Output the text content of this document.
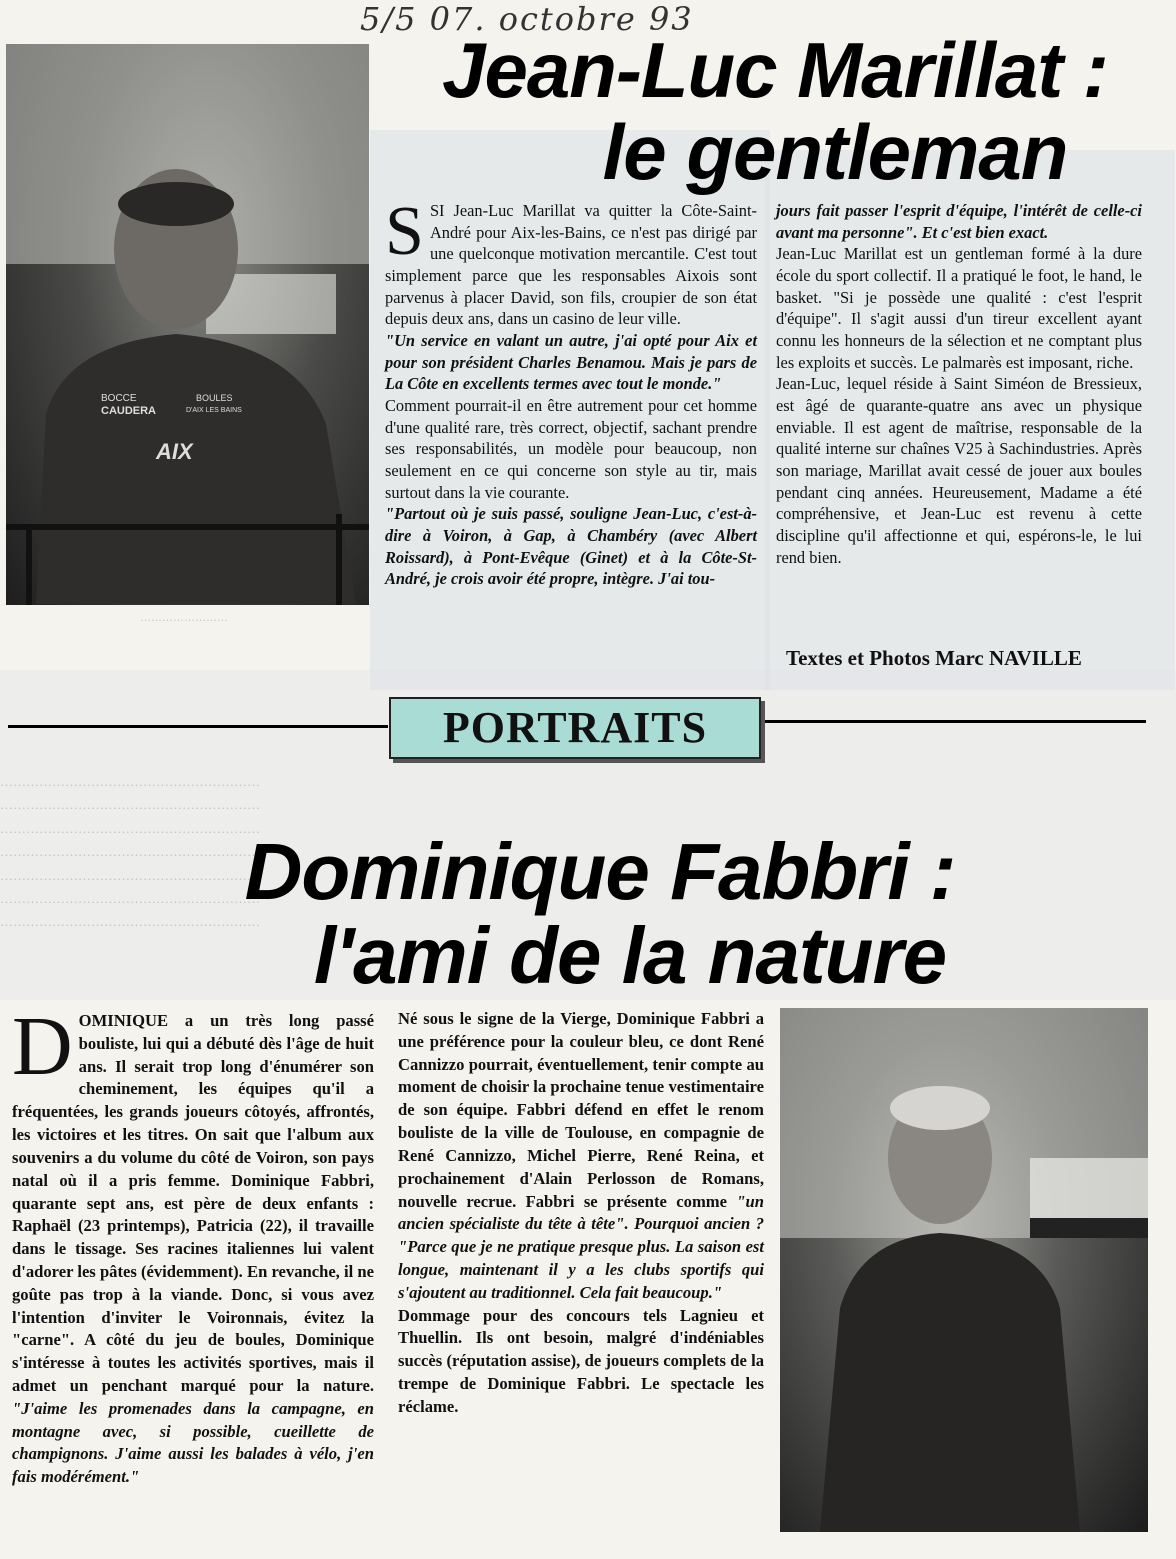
5/5 07. octobre 93
BOCCE
CAUDERA
BOULES
D'AIX LES BAINS
AIX
Jean-Luc Marillat :
le gentleman

SSI Jean-Luc Marillat va quitter la Côte-Saint-André pour Aix-les-Bains, ce n'est pas dirigé par une quelconque motivation mercantile. C'est tout simplement parce que les responsables Aixois sont parvenus à placer David, son fils, croupier de son état depuis deux ans, dans un casino de leur ville.

"Un service en valant un autre, j'ai opté pour Aix et pour son président Charles Benamou. Mais je pars de La Côte en excellents termes avec tout le monde."

Comment pourrait-il en être autrement pour cet homme d'une qualité rare, très correct, objectif, sachant prendre ses responsabilités, un modèle pour beaucoup, non seulement en ce qui concerne son style au tir, mais surtout dans la vie courante.

"Partout où je suis passé, souligne Jean-Luc, c'est-à-dire à Voiron, à Gap, à Chambéry (avec Albert Roissard), à Pont-Evêque (Ginet) et à la Côte-St-André, je crois avoir été propre, intègre. J'ai tou-

jours fait passer l'esprit d'équipe, l'intérêt de celle-ci avant ma personne". Et c'est bien exact.

Jean-Luc Marillat est un gentleman formé à la dure école du sport collectif. Il a pratiqué le foot, le hand, le basket. "Si je possède une qualité : c'est l'esprit d'équipe". Il s'agit aussi d'un tireur excellent ayant connu les honneurs de la sélection et ne comptant plus les exploits et succès. Le palmarès est imposant, riche.

Jean-Luc, lequel réside à Saint Siméon de Bressieux, est âgé de quarante-quatre ans avec un physique enviable. Il est agent de maîtrise, responsable de la qualité interne sur chaînes V25 à Sachindustries. Après son mariage, Marillat avait cessé de jouer aux boules pendant cinq années. Heureusement, Madame a été compréhensive, et Jean-Luc est revenu à cette discipline qu'il affectionne et qui, espérons-le, le lui rend bien.

Textes et Photos Marc NAVILLE
……………………………………………………
……………………………………………………
……………………………………………………
……………………………………………………
……………………………………………………
……………………………………………………
……………………………………………………
PORTRAITS
Dominique Fabbri :
l'ami de la nature

DOMINIQUE a un très long passé bouliste, lui qui a débuté dès l'âge de huit ans. Il serait trop long d'énumérer son cheminement, les équipes qu'il a fréquentées, les grands joueurs côtoyés, affrontés, les victoires et les titres. On sait que l'album aux souvenirs a du volume du côté de Voiron, son pays natal où il a pris femme. Dominique Fabbri, quarante sept ans, est père de deux enfants : Raphaël (23 printemps), Patricia (22), il travaille dans le tissage. Ses racines italiennes lui valent d'adorer les pâtes (évidemment). En revanche, il ne goûte pas trop à la viande. Donc, si vous avez l'intention d'inviter le Voironnais, évitez la "carne". A côté du jeu de boules, Dominique s'intéresse à toutes les activités sportives, mais il admet un penchant marqué pour la nature. "J'aime les promenades dans la campagne, en montagne avec, si possible, cueillette de champignons. J'aime aussi les balades à vélo, j'en fais modérément."

Né sous le signe de la Vierge, Dominique Fabbri a une préférence pour la couleur bleu, ce dont René Cannizzo pourrait, éventuellement, tenir compte au moment de choisir la prochaine tenue vestimentaire de son équipe. Fabbri défend en effet le renom bouliste de la ville de Toulouse, en compagnie de René Cannizzo, Michel Pierre, René Reina, et prochainement d'Alain Perlosson de Romans, nouvelle recrue. Fabbri se présente comme "un ancien spécialiste du tête à tête". Pourquoi ancien ? "Parce que je ne pratique presque plus. La saison est longue, maintenant il y a les clubs sportifs qui s'ajoutent au traditionnel. Cela fait beaucoup."

Dommage pour des concours tels Lagnieu et Thuellin. Ils ont besoin, malgré d'indéniables succès (réputation assise), de joueurs complets de la trempe de Dominique Fabbri. Le spectacle les réclame.

……………………
